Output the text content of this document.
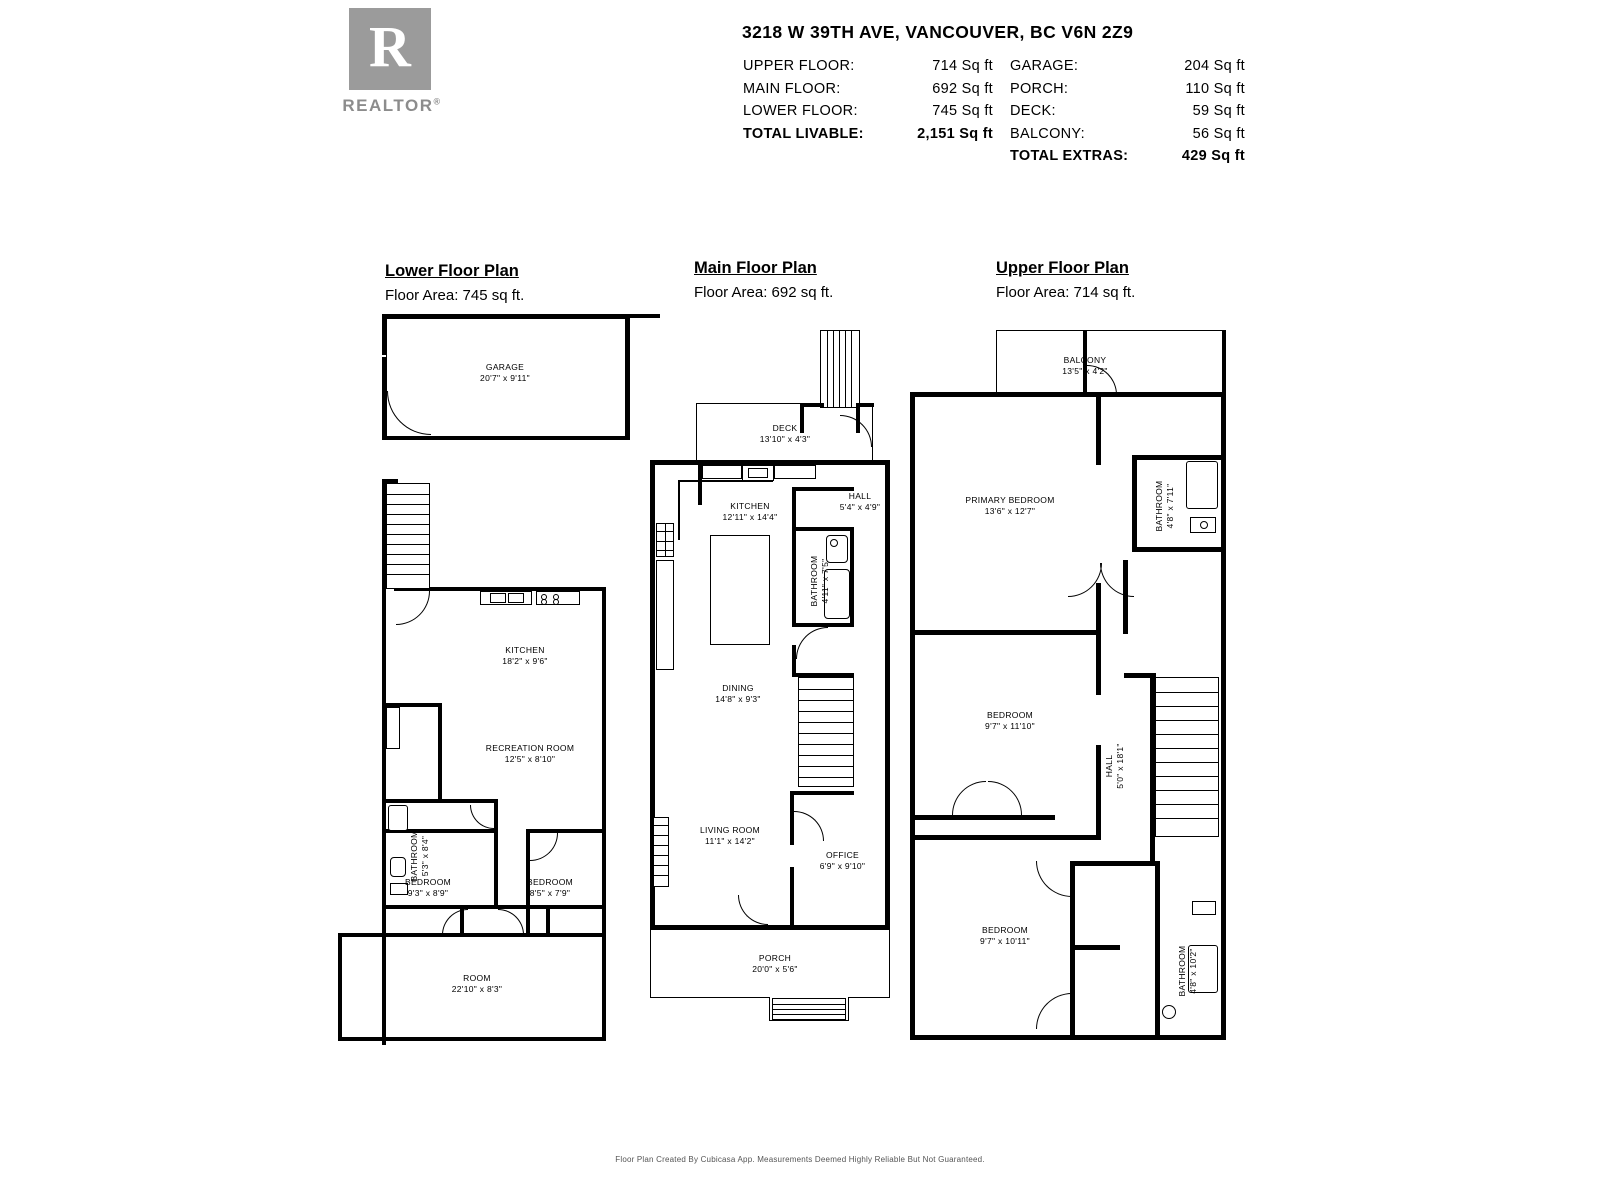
R
REALTOR®
3218 W 39TH AVE, VANCOUVER, BC V6N 2Z9
UPPER FLOOR:	714 Sq ft
MAIN FLOOR:	692 Sq ft
LOWER FLOOR:	745 Sq ft
TOTAL LIVABLE:	2,151 Sq ft
GARAGE:	204 Sq ft
PORCH:	110 Sq ft
DECK:	59 Sq ft
BALCONY:	56 Sq ft
TOTAL EXTRAS:	429 Sq ft
Lower Floor Plan
Floor Area: 745 sq ft.
Main Floor Plan
Floor Area: 692 sq ft.
Upper Floor Plan
Floor Area: 714 sq ft.
GARAGE
20'7" x 9'11"
KITCHEN
18'2" x 9'6"
RECREATION ROOM
12'5" x 8'10"
BATHROOM 5'3" x 8'4"
BEDROOM
9'3" x 8'9"
BEDROOM
8'5" x 7'9"
ROOM
22'10" x 8'3"
DECK
13'10" x 4'3"
PORCH
20'0" x 5'6"
KITCHEN
12'11" x 14'4"
HALL
5'4" x 4'9"
BATHROOM 4'11" x 7'5"
DINING
14'8" x 9'3"
LIVING ROOM
11'1" x 14'2"
OFFICE
6'9" x 9'10"
BALCONY
13'5" x 4'2"
BATHROOM 4'8" x 7'11"
PRIMARY BEDROOM
13'6" x 12'7"
HALL 5'0" x 18'1"
BEDROOM
9'7" x 11'10"
BATHROOM 4'8" x 10'2"
BEDROOM
9'7" x 10'11"
Floor Plan Created By Cubicasa App. Measurements Deemed Highly Reliable But Not Guaranteed.
